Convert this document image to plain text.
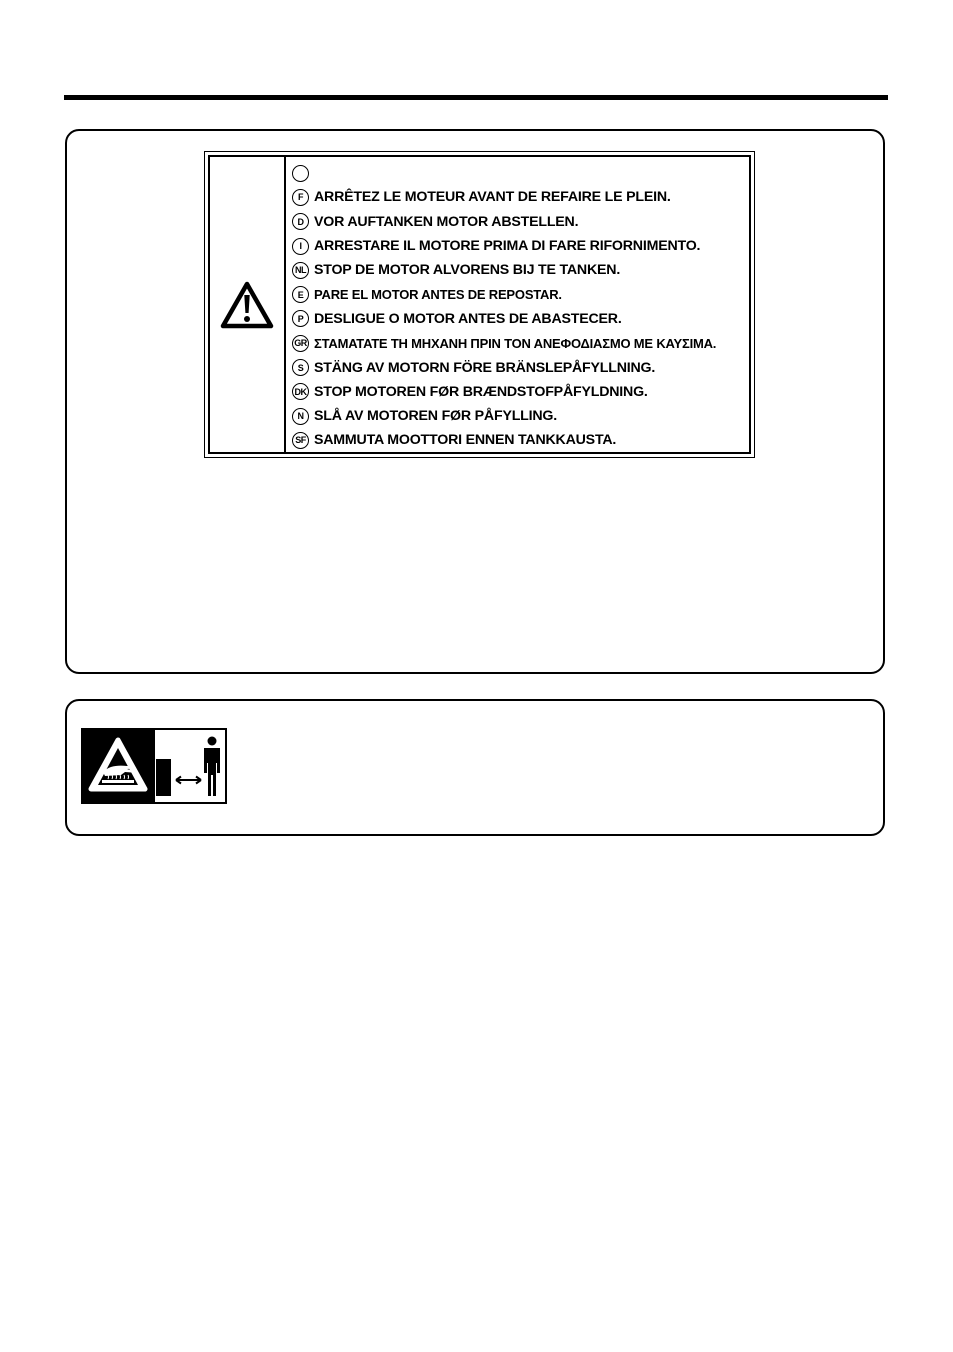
F ARRÊTEZ LE MOTEUR AVANT DE REFAIRE LE PLEIN.
D VOR AUFTANKEN MOTOR ABSTELLEN.
I ARRESTARE IL MOTORE PRIMA DI FARE RIFORNIMENTO.
NL STOP DE MOTOR ALVORENS BIJ TE TANKEN.
E PARE EL MOTOR ANTES DE REPOSTAR.
P DESLIGUE O MOTOR ANTES DE ABASTECER.
GR ΣΤΑΜΑΤΑΤΕ ΤΗ ΜΗΧΑΝΗ ΠΡΙΝ ΤΟΝ ΑΝΕΦΟΔΙΑΣΜΟ ΜΕ ΚΑΥΣΙΜΑ.
S STÄNG AV MOTORN FÖRE BRÄNSLEPÅFYLLNING.
DK STOP MOTOREN FØR BRÆNDSTOFPÅFYLDNING.
N SLÅ AV MOTOREN FØR PÅFYLLING.
SF SAMMUTA MOOTTORI ENNEN TANKKAUSTA.
